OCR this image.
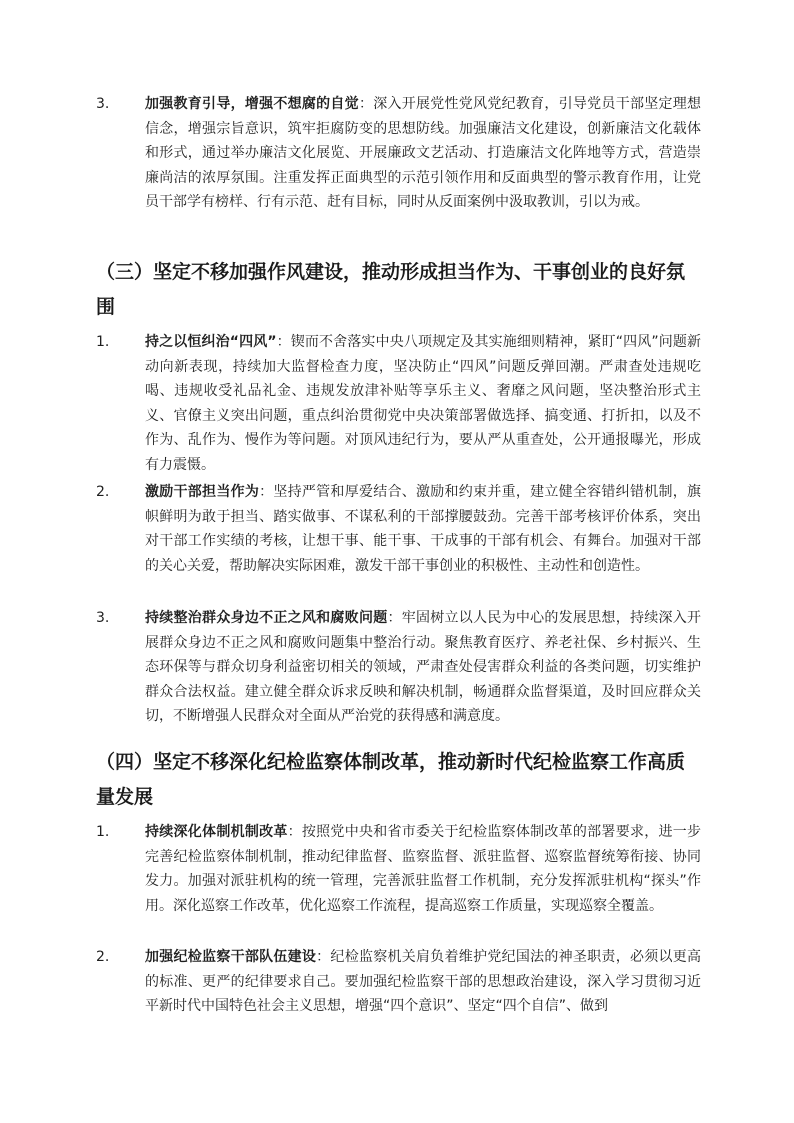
3.	加强教育引导，增强不想腐的自觉：深入开展党性党风党纪教育，引导党员干部坚定理想信念，增强宗旨意识，筑牢拒腐防变的思想防线。加强廉洁文化建设，创新廉洁文化载体和形式，通过举办廉洁文化展览、开展廉政文艺活动、打造廉洁文化阵地等方式，营造崇廉尚洁的浓厚氛围。注重发挥正面典型的示范引领作用和反面典型的警示教育作用，让党员干部学有榜样、行有示范、赶有目标，同时从反面案例中汲取教训，引以为戒。
（三）坚定不移加强作风建设，推动形成担当作为、干事创业的良好氛围
1.	持之以恒纠治“四风”：锲而不舍落实中央八项规定及其实施细则精神，紧盯“四风”问题新动向新表现，持续加大监督检查力度，坚决防止“四风”问题反弹回潮。严肃查处违规吃喝、违规收受礼品礼金、违规发放津补贴等享乐主义、奢靡之风问题，坚决整治形式主义、官僚主义突出问题，重点纠治贯彻党中央决策部署做选择、搞变通、打折扣，以及不作为、乱作为、慢作为等问题。对顶风违纪行为，要从严从重查处，公开通报曝光，形成有力震慑。
2.	激励干部担当作为：坚持严管和厚爱结合、激励和约束并重，建立健全容错纠错机制，旗帜鲜明为敢于担当、踏实做事、不谋私利的干部撑腰鼓劲。完善干部考核评价体系，突出对干部工作实绩的考核，让想干事、能干事、干成事的干部有机会、有舞台。加强对干部的关心关爱，帮助解决实际困难，激发干部干事创业的积极性、主动性和创造性。
3.	持续整治群众身边不正之风和腐败问题：牢固树立以人民为中心的发展思想，持续深入开展群众身边不正之风和腐败问题集中整治行动。聚焦教育医疗、养老社保、乡村振兴、生态环保等与群众切身利益密切相关的领域，严肃查处侵害群众利益的各类问题，切实维护群众合法权益。建立健全群众诉求反映和解决机制，畅通群众监督渠道，及时回应群众关切，不断增强人民群众对全面从严治党的获得感和满意度。
（四）坚定不移深化纪检监察体制改革，推动新时代纪检监察工作高质量发展
1.	持续深化体制机制改革：按照党中央和省市委关于纪检监察体制改革的部署要求，进一步完善纪检监察体制机制，推动纪律监督、监察监督、派驻监督、巡察监督统筹衔接、协同发力。加强对派驻机构的统一管理，完善派驻监督工作机制，充分发挥派驻机构“探头”作用。深化巡察工作改革，优化巡察工作流程，提高巡察工作质量，实现巡察全覆盖。
2.	加强纪检监察干部队伍建设：纪检监察机关肩负着维护党纪国法的神圣职责，必须以更高的标准、更严的纪律要求自己。要加强纪检监察干部的思想政治建设，深入学习贯彻习近平新时代中国特色社会主义思想，增强“四个意识”、坚定“四个自信”、做到
